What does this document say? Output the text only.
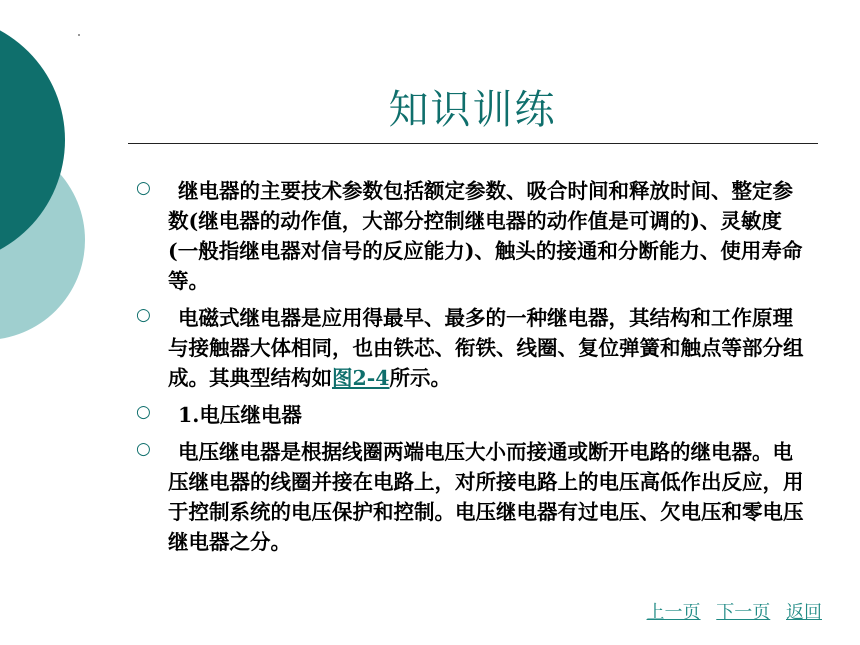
知识训练
○	继电器的主要技术参数包括额定参数、吸合时间和释放时间、整定参数(继电器的动作值，大部分控制继电器的动作值是可调的)、灵敏度(一般指继电器对信号的反应能力)、触头的接通和分断能力、使用寿命等。
○	电磁式继电器是应用得最早、最多的一种继电器，其结构和工作原理与接触器大体相同，也由铁芯、衔铁、线圈、复位弹簧和触点等部分组成。其典型结构如图2-4所示。
○	1.电压继电器
○	电压继电器是根据线圈两端电压大小而接通或断开电路的继电器。电压继电器的线圈并接在电路上，对所接电路上的电压高低作出反应，用于控制系统的电压保护和控制。电压继电器有过电压、欠电压和零电压继电器之分。
上一页 下一页 返回
